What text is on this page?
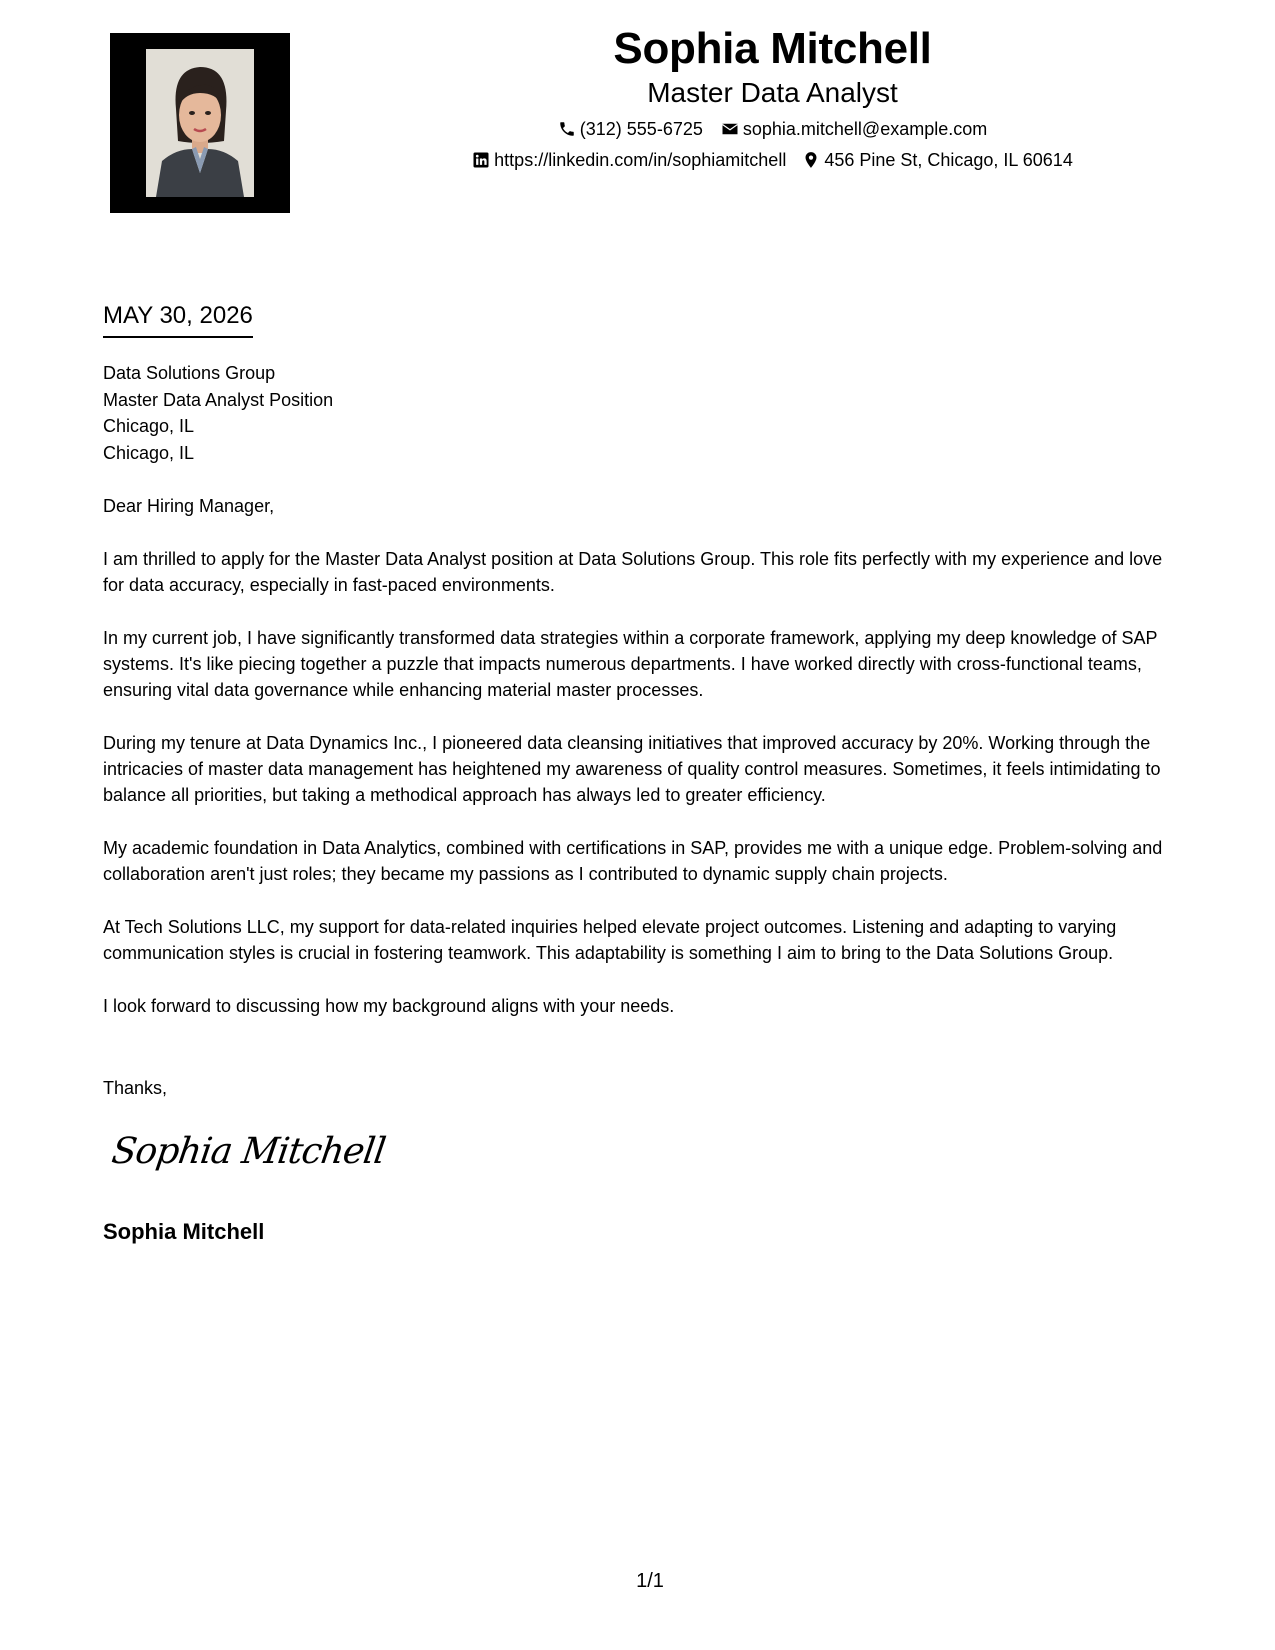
Sophia Mitchell
Master Data Analyst
(312) 555-6725 sophia.mitchell@example.com
https://linkedin.com/in/sophiamitchell 456 Pine St, Chicago, IL 60614
MAY 30, 2026
Data Solutions Group
Master Data Analyst Position
Chicago, IL
Chicago, IL

Dear Hiring Manager,

I am thrilled to apply for the Master Data Analyst position at Data Solutions Group. This role fits perfectly with my experience and love for data accuracy, especially in fast-paced environments.

In my current job, I have significantly transformed data strategies within a corporate framework, applying my deep knowledge of SAP systems. It's like piecing together a puzzle that impacts numerous departments. I have worked directly with cross-functional teams, ensuring vital data governance while enhancing material master processes.

During my tenure at Data Dynamics Inc., I pioneered data cleansing initiatives that improved accuracy by 20%. Working through the intricacies of master data management has heightened my awareness of quality control measures. Sometimes, it feels intimidating to balance all priorities, but taking a methodical approach has always led to greater efficiency.

My academic foundation in Data Analytics, combined with certifications in SAP, provides me with a unique edge. Problem-solving and collaboration aren't just roles; they became my passions as I contributed to dynamic supply chain projects.

At Tech Solutions LLC, my support for data-related inquiries helped elevate project outcomes. Listening and adapting to varying communication styles is crucial in fostering teamwork. This adaptability is something I aim to bring to the Data Solutions Group.

I look forward to discussing how my background aligns with your needs.

Thanks,
Sophia Mitchell
Sophia Mitchell
1/1
